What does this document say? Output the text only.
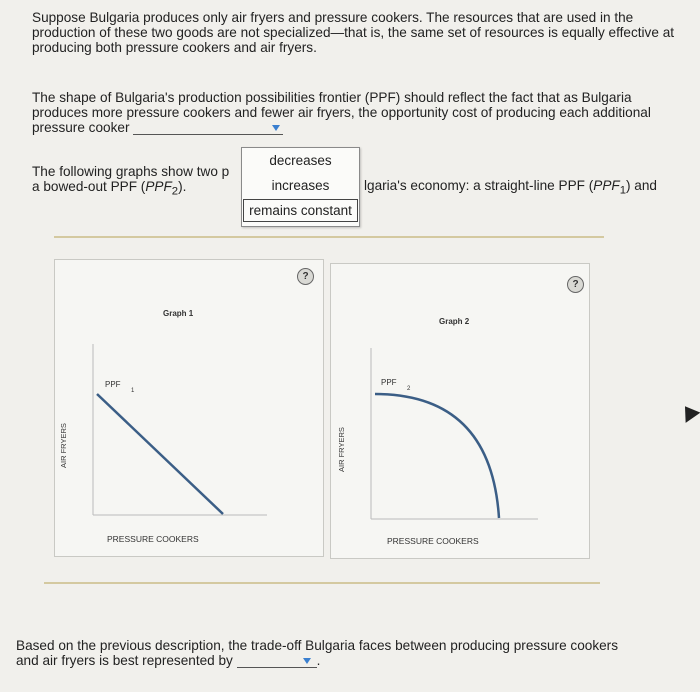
Suppose Bulgaria produces only air fryers and pressure cookers. The resources that are used in the production of these two goods are not specialized—that is, the same set of resources is equally effective at producing both pressure cookers and air fryers.

The shape of Bulgaria's production possibilities frontier (PPF) should reflect the fact that as Bulgaria produces more pressure cookers and fewer air fryers, the opportunity cost of producing each additional pressure cooker

The following graphs show two p
a bowed-out PPF $(PPF_2)$.	lgaria's economy: a straight-line PPF $(PPF_1)$ and

decreases
increases
remains constant
?
Graph 1
PPF
1
AIR FRYERS
PRESSURE COOKERS
?
Graph 2
PPF
2
AIR FRYERS
PRESSURE COOKERS

Based on the previous description, the trade-off Bulgaria faces between producing pressure cookers and air fryers is best represented by	.
